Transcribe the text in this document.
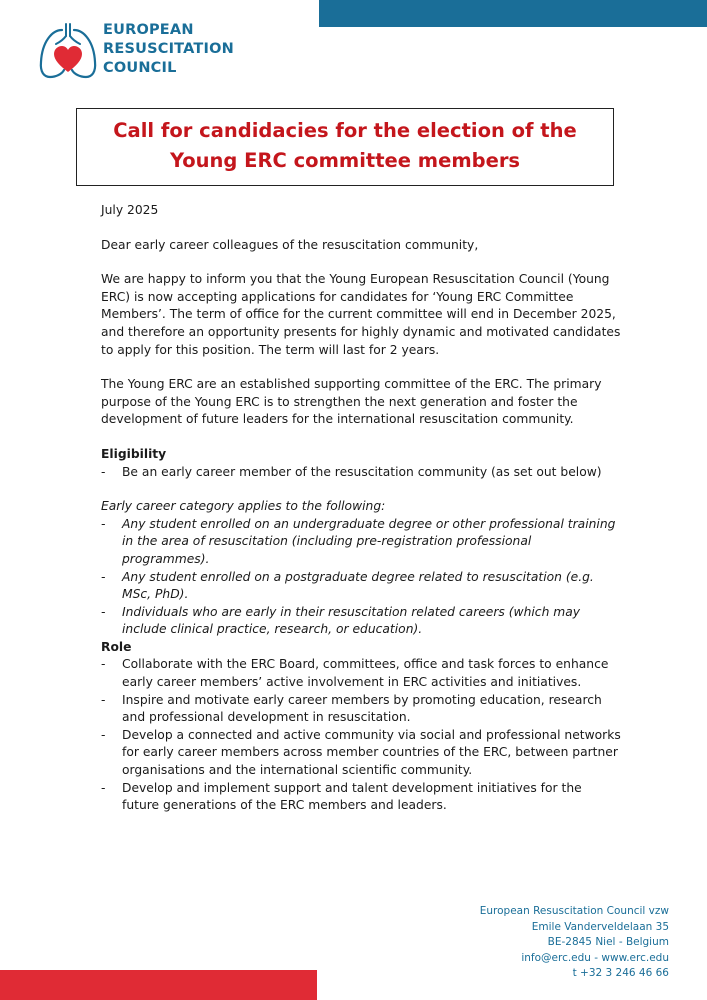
EUROPEAN
RESUSCITATION
COUNCIL
Call for candidacies for the election of the Young ERC committee members

July 2025

Dear early career colleagues of the resuscitation community,

We are happy to inform you that the Young European Resuscitation Council (Young ERC) is now accepting applications for candidates for ‘Young ERC Committee Members’. The term of office for the current committee will end in December 2025, and therefore an opportunity presents for highly dynamic and motivated candidates to apply for this position. The term will last for 2 years.

The Young ERC are an established supporting committee of the ERC. The primary purpose of the Young ERC is to strengthen the next generation and foster the development of future leaders for the international resuscitation community.

Eligibility

- Be an early career member of the resuscitation community (as set out below)

Early career category applies to the following:

- Any student enrolled on an undergraduate degree or other professional training in the area of resuscitation (including pre-registration professional programmes).
- Any student enrolled on a postgraduate degree related to resuscitation (e.g. MSc, PhD).
- Individuals who are early in their resuscitation related careers (which may include clinical practice, research, or education).

Role

- Collaborate with the ERC Board, committees, office and task forces to enhance early career members’ active involvement in ERC activities and initiatives.
- Inspire and motivate early career members by promoting education, research and professional development in resuscitation.
- Develop a connected and active community via social and professional networks for early career members across member countries of the ERC, between partner organisations and the international scientific community.
- Develop and implement support and talent development initiatives for the future generations of the ERC members and leaders.

European Resuscitation Council vzw

Emile Vanderveldelaan 35

BE-2845 Niel - Belgium

info@erc.edu - www.erc.edu

t +32 3 246 46 66
